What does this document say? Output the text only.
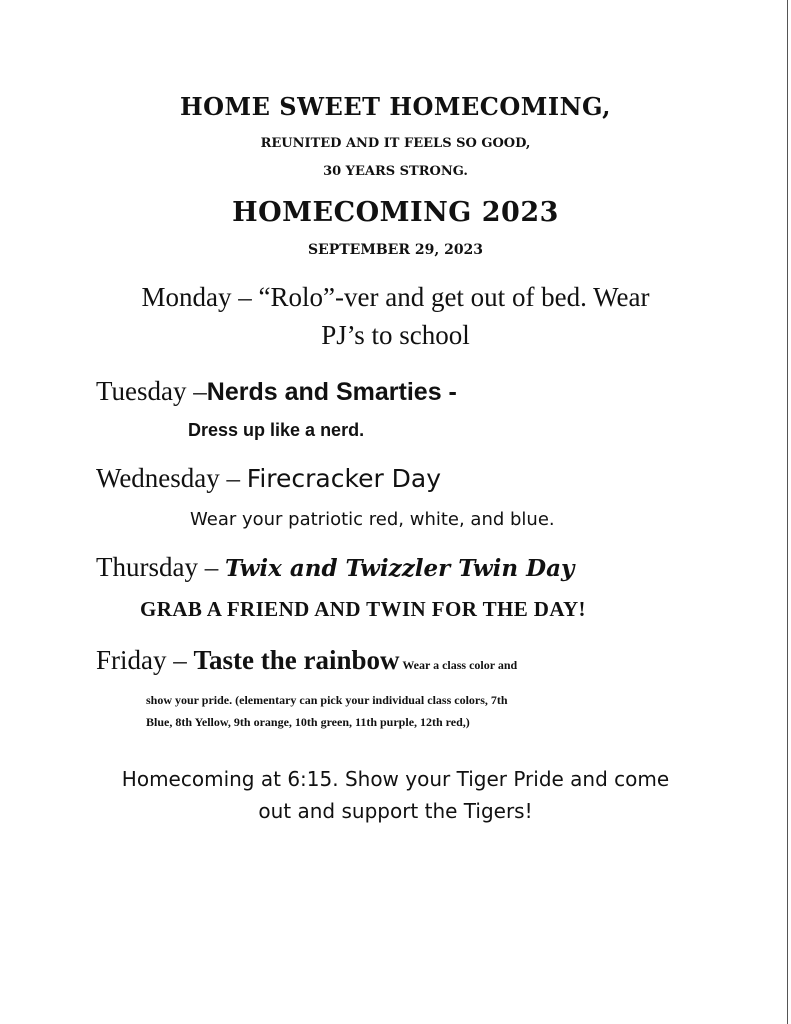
HOME SWEET HOMECOMING,
REUNITED AND IT FEELS SO GOOD,
30 YEARS STRONG.
HOMECOMING 2023
SEPTEMBER 29, 2023
Monday – “Rolo”-ver and get out of bed. Wear
PJ’s to school
Tuesday –Nerds and Smarties -
Dress up like a nerd.
Wednesday – Firecracker Day
Wear your patriotic red, white, and blue.
Thursday – Twix and Twizzler Twin Day
GRAB A FRIEND AND TWIN FOR THE DAY!
Friday – Taste the rainbow Wear a class color and
show your pride. (elementary can pick your individual class colors, 7th
Blue, 8th Yellow, 9th orange, 10th green, 11th purple, 12th red,)
Homecoming at 6:15. Show your Tiger Pride and come
out and support the Tigers!
